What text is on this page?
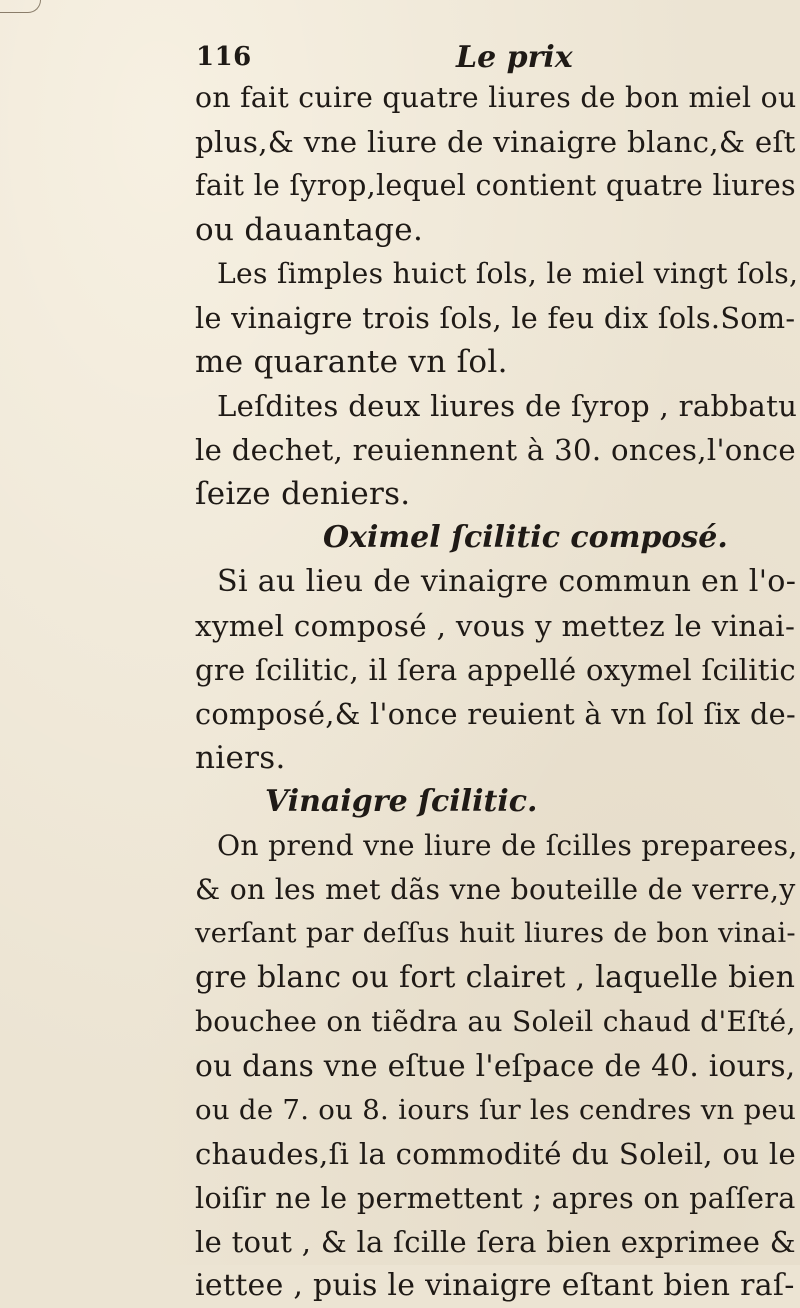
116	Le prix
on fait cuire quatre liures de bon miel ou
plus,& vne liure de vinaigre blanc,& eſt
fait le ſyrop,lequel contient quatre liures
ou dauantage.
Les ſimples huict ſols, le miel vingt ſols,
le vinaigre trois ſols, le feu dix ſols.Som-
me quarante vn ſol.
Leſdites deux liures de ſyrop , rabbatu
le dechet, reuiennent à 30. onces,l'once
ſeize deniers.
Oximel ſcilitic composé.
Si au lieu de vinaigre commun en l'o-
xymel composé , vous y mettez le vinai-
gre ſcilitic, il ſera appellé oxymel ſcilitic
composé,& l'once reuient à vn ſol ſix de-
niers.
Vinaigre ſcilitic.
On prend vne liure de ſcilles preparees,
& on les met dãs vne bouteille de verre,y
verſant par deſſus huit liures de bon vinai-
gre blanc ou fort clairet , laquelle bien
bouchee on tiẽdra au Soleil chaud d'Eſté,
ou dans vne eſtue l'eſpace de 40. iours,
ou de 7. ou 8. iours ſur les cendres vn peu
chaudes,ſi la commodité du Soleil, ou le
loiſir ne le permettent ; apres on paſſera
le tout , & la ſcille ſera bien exprimee &
iettee , puis le vinaigre eſtant bien raſ-
